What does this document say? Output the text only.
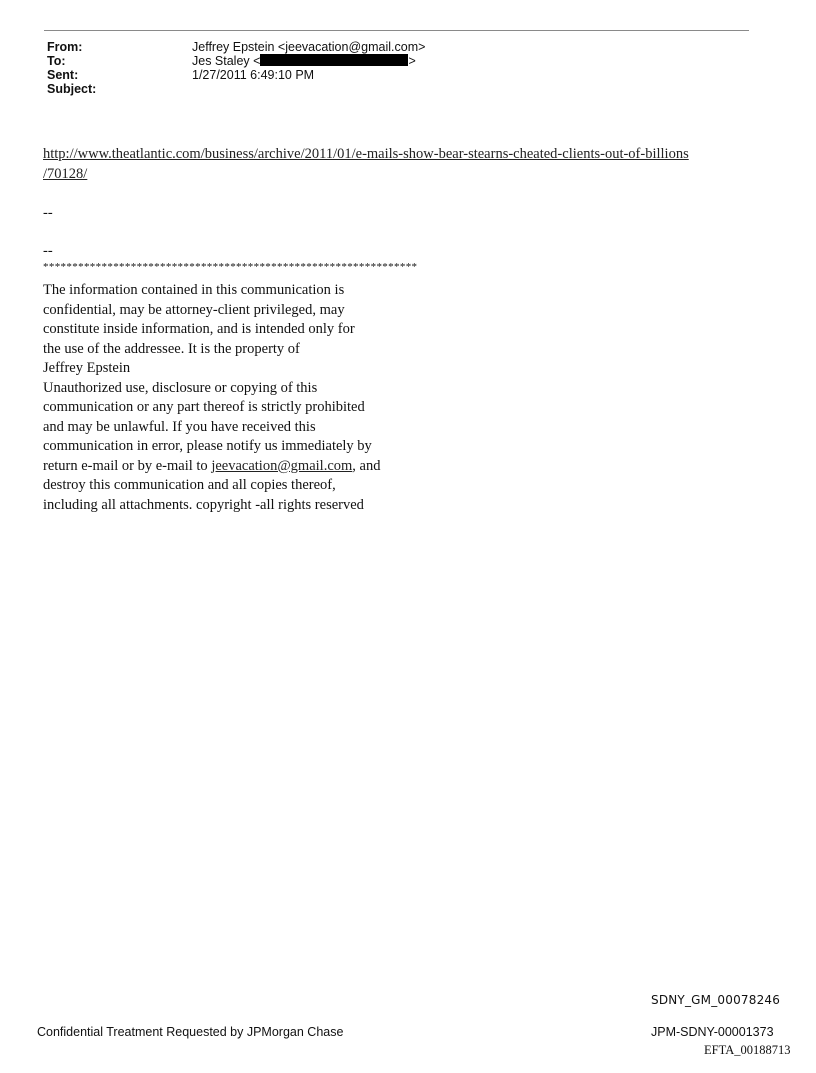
From:	Jeffrey Epstein <jeevacation@gmail.com>
To:	Jes Staley <	>
Sent:	1/27/2011 6:49:10 PM
Subject:
http://www.theatlantic.com/business/archive/2011/01/e-mails-show-bear-stearns-cheated-clients-out-of-billions
/70128/
--
--
****************************************************************
The information contained in this communication is
confidential, may be attorney-client privileged, may
constitute inside information, and is intended only for
the use of the addressee. It is the property of
Jeffrey Epstein
Unauthorized use, disclosure or copying of this
communication or any part thereof is strictly prohibited
and may be unlawful. If you have received this
communication in error, please notify us immediately by
return e-mail or by e-mail to jeevacation@gmail.com, and
destroy this communication and all copies thereof,
including all attachments. copyright -all rights reserved
SDNY_GM_00078246
Confidential Treatment Requested by JPMorgan Chase	JPM-SDNY-00001373
EFTA_00188713
